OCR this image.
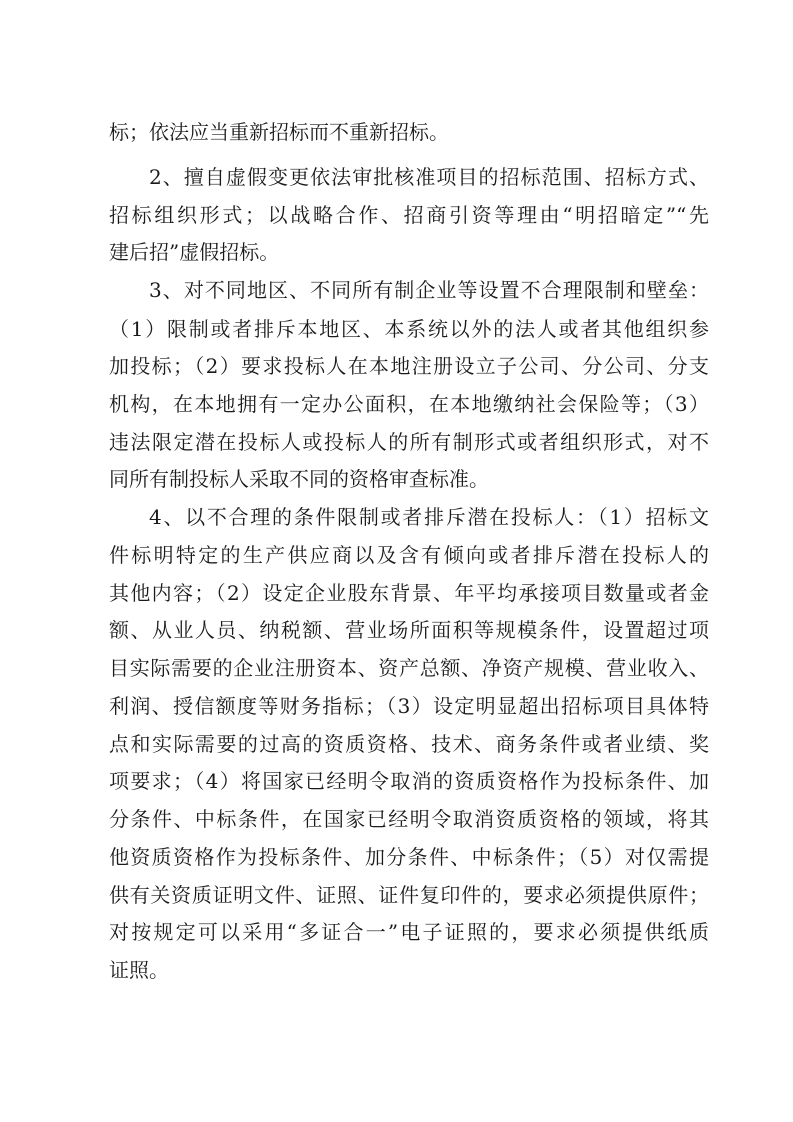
标；依法应当重新招标而不重新招标。
2、擅自虚假变更依法审批核准项目的招标范围、招标方式、
招标组织形式；以战略合作、招商引资等理由“明招暗定”“先
建后招”虚假招标。
3、对不同地区、不同所有制企业等设置不合理限制和壁垒：
（1）限制或者排斥本地区、本系统以外的法人或者其他组织参
加投标；（2）要求投标人在本地注册设立子公司、分公司、分支
机构，在本地拥有一定办公面积，在本地缴纳社会保险等；（3）
违法限定潜在投标人或投标人的所有制形式或者组织形式，对不
同所有制投标人采取不同的资格审查标准。
4、以不合理的条件限制或者排斥潜在投标人：（1）招标文
件标明特定的生产供应商以及含有倾向或者排斥潜在投标人的
其他内容；（2）设定企业股东背景、年平均承接项目数量或者金
额、从业人员、纳税额、营业场所面积等规模条件，设置超过项
目实际需要的企业注册资本、资产总额、净资产规模、营业收入、
利润、授信额度等财务指标；（3）设定明显超出招标项目具体特
点和实际需要的过高的资质资格、技术、商务条件或者业绩、奖
项要求；（4）将国家已经明令取消的资质资格作为投标条件、加
分条件、中标条件，在国家已经明令取消资质资格的领域，将其
他资质资格作为投标条件、加分条件、中标条件；（5）对仅需提
供有关资质证明文件、证照、证件复印件的，要求必须提供原件；
对按规定可以采用“多证合一”电子证照的，要求必须提供纸质
证照。
